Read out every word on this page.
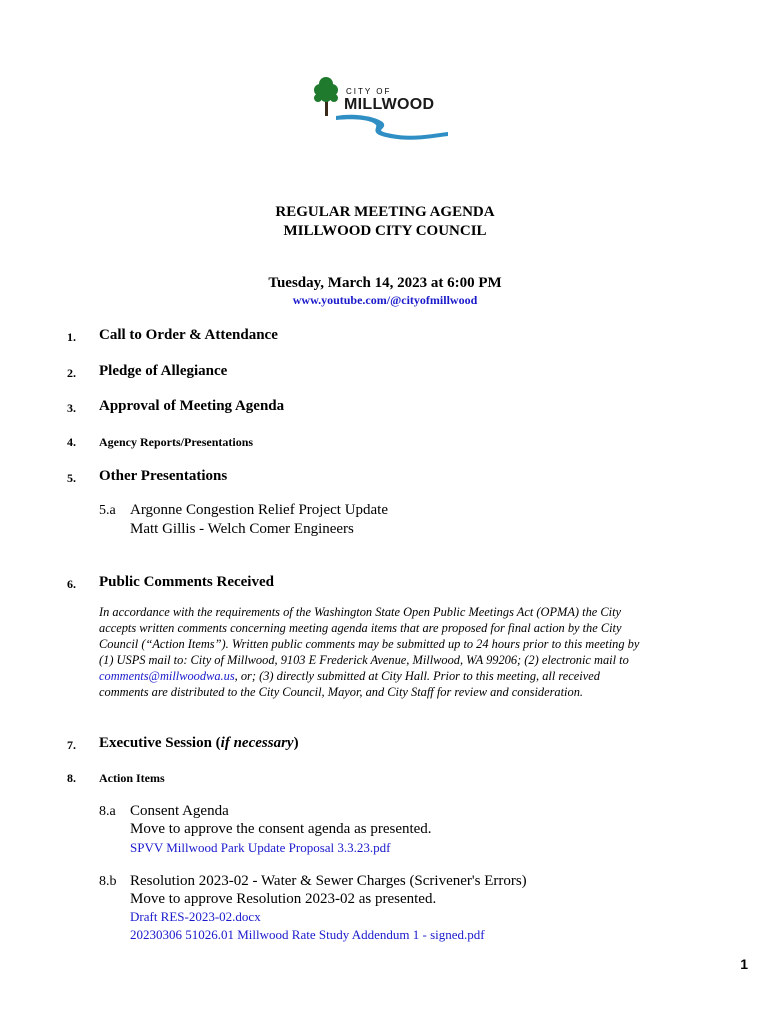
CITY OF
MILLWOOD
REGULAR MEETING AGENDA
MILLWOOD CITY COUNCIL
Tuesday, March 14, 2023 at 6:00 PM
www.youtube.com/@cityofmillwood
1. Call to Order & Attendance
2. Pledge of Allegiance
3. Approval of Meeting Agenda
4. Agency Reports/Presentations
5. Other Presentations
5.a Argonne Congestion Relief Project Update
Matt Gillis - Welch Comer Engineers
6. Public Comments Received
In accordance with the requirements of the Washington State Open Public Meetings Act (OPMA) the City
accepts written comments concerning meeting agenda items that are proposed for final action by the City
Council (“Action Items”). Written public comments may be submitted up to 24 hours prior to this meeting by
(1) USPS mail to: City of Millwood, 9103 E Frederick Avenue, Millwood, WA 99206; (2) electronic mail to
comments@millwoodwa.us, or; (3) directly submitted at City Hall. Prior to this meeting, all received
comments are distributed to the City Council, Mayor, and City Staff for review and consideration.
7. Executive Session (if necessary)
8. Action Items
8.a Consent Agenda
Move to approve the consent agenda as presented.
SPVV Millwood Park Update Proposal 3.3.23.pdf
8.b Resolution 2023-02 - Water & Sewer Charges (Scrivener's Errors)
Move to approve Resolution 2023-02 as presented.
Draft RES-2023-02.docx
20230306 51026.01 Millwood Rate Study Addendum 1 - signed.pdf
1
